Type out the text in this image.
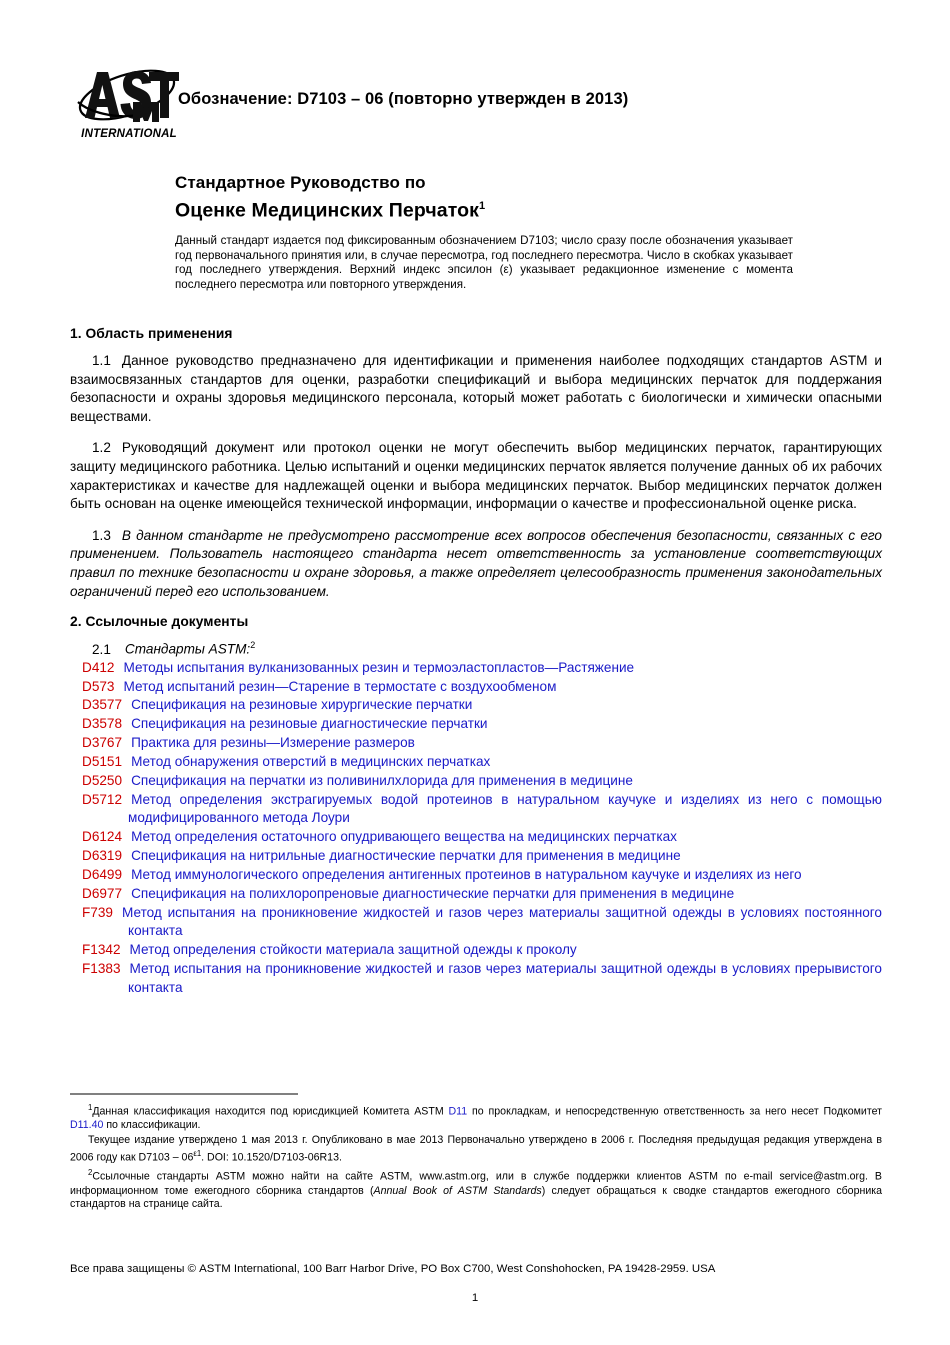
INTERNATIONAL
Обозначение: D7103 – 06 (повторно утвержден в 2013)
Стандартное Руководство по
Оценке Медицинских Перчаток$^1$
Данный стандарт издается под фиксированным обозначением D7103; число сразу после обозначения указывает год первоначального принятия или, в случае пересмотра, год последнего пересмотра. Число в скобках указывает год последнего утверждения. Верхний индекс эпсилон (ε) указывает редакционное изменение с момента последнего пересмотра или повторного утверждения.
1. Область применения

1.1 Данное руководство предназначено для идентификации и применения наиболее подходящих стандартов ASTM и взаимосвязанных стандартов для оценки, разработки спецификаций и выбора медицинских перчаток для поддержания безопасности и охраны здоровья медицинского персонала, который может работать с биологически и химически опасными веществами.

1.2 Руководящий документ или протокол оценки не могут обеспечить выбор медицинских перчаток, гарантирующих защиту медицинского работника. Целью испытаний и оценки медицинских перчаток является получение данных об их рабочих характеристиках и качестве для надлежащей оценки и выбора медицинских перчаток. Выбор медицинских перчаток должен быть основан на оценке имеющейся технической информации, информации о качестве и профессиональной оценке риска.

1.3 В данном стандарте не предусмотрено рассмотрение всех вопросов обеспечения безопасности, связанных с его применением. Пользователь настоящего стандарта несет ответственность за установление соответствующих правил по технике безопасности и охране здоровья, а также определяет целесообразность применения законодательных ограничений перед его использованием.

2. Ссылочные документы
2.1 Стандарты ASTM:$^2$
D412 Методы испытания вулканизованных резин и термоэластопластов—Растяжение
D573 Метод испытаний резин—Старение в термостате с воздухообменом
D3577 Спецификация на резиновые хирургические перчатки
D3578 Спецификация на резиновые диагностические перчатки
D3767 Практика для резины—Измерение размеров
D5151 Метод обнаружения отверстий в медицинских перчатках
D5250 Спецификация на перчатки из поливинилхлорида для применения в медицине
D5712 Метод определения экстрагируемых водой протеинов в натуральном каучуке и изделиях из него с помощью модифицированного метода Лоури
D6124 Метод определения остаточного опудривающего вещества на медицинских перчатках
D6319 Спецификация на нитрильные диагностические перчатки для применения в медицине
D6499 Метод иммунологического определения антигенных протеинов в натуральном каучуке и изделиях из него
D6977 Спецификация на полихлоропреновые диагностические перчатки для применения в медицине
F739 Метод испытания на проникновение жидкостей и газов через материалы защитной одежды в условиях постоянного контакта
F1342 Метод определения стойкости материала защитной одежды к проколу
F1383 Метод испытания на проникновение жидкостей и газов через материалы защитной одежды в условиях прерывистого контакта

$^1$Данная классификация находится под юрисдикцией Комитета ASTM D11 по прокладкам, и непосредственную ответственность за него несет Подкомитет D11.40 по классификации.

Текущее издание утверждено 1 мая 2013 г. Опубликовано в мае 2013 Первоначально утверждено в 2006 г. Последняя предыдущая редакция утверждена в 2006 году как $D7103 - 06^{\varepsilon 1}$. DOI: 10.1520/D7103-06R13.

$^2$Ссылочные стандарты ASTM можно найти на сайте ASTM, www.astm.org, или в службе поддержки клиентов ASTM по e-mail service@astm.org. В информационном томе ежегодного сборника стандартов (Annual Book of ASTM Standards) следует обращаться к сводке стандартов ежегодного сборника стандартов на странице сайта.

Все права защищены © ASTM International, 100 Barr Harbor Drive, PO Box C700, West Conshohocken, PA 19428-2959. USA
1
